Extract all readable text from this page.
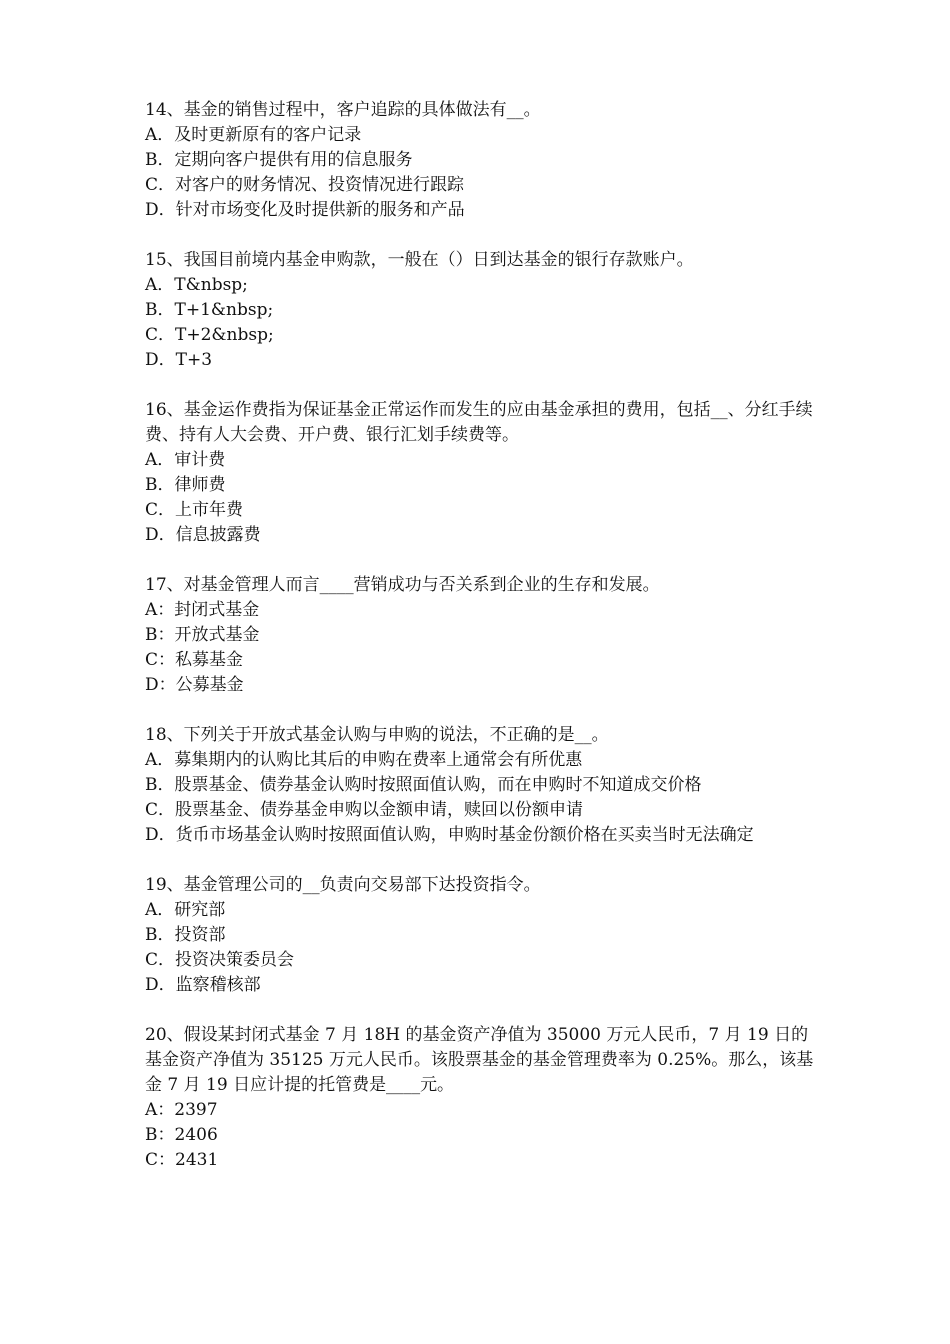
14、基金的销售过程中，客户追踪的具体做法有__。

A．及时更新原有的客户记录

B．定期向客户提供有用的信息服务

C．对客户的财务情况、投资情况进行跟踪

D．针对市场变化及时提供新的服务和产品

15、我国目前境内基金申购款，一般在（）日到达基金的银行存款账户。

A．T&nbsp;

B．T+1&nbsp;

C．T+2&nbsp;

D．T+3

16、基金运作费指为保证基金正常运作而发生的应由基金承担的费用，包括__、分红手续费、持有人大会费、开户费、银行汇划手续费等。

A．审计费

B．律师费

C．上市年费

D．信息披露费

17、对基金管理人而言____营销成功与否关系到企业的生存和发展。

A：封闭式基金

B：开放式基金

C：私募基金

D：公募基金

18、下列关于开放式基金认购与申购的说法，不正确的是__。

A．募集期内的认购比其后的申购在费率上通常会有所优惠

B．股票基金、债券基金认购时按照面值认购，而在申购时不知道成交价格

C．股票基金、债券基金申购以金额申请，赎回以份额申请

D．货币市场基金认购时按照面值认购，申购时基金份额价格在买卖当时无法确定

19、基金管理公司的__负责向交易部下达投资指令。

A．研究部

B．投资部

C．投资决策委员会

D．监察稽核部

20、假设某封闭式基金 7 月 18H 的基金资产净值为 35000 万元人民币，7 月 19 日的基金资产净值为 35125 万元人民币。该股票基金的基金管理费率为 0.25%。那么，该基金 7 月 19 日应计提的托管费是____元。

A：2397

B：2406

C：2431
